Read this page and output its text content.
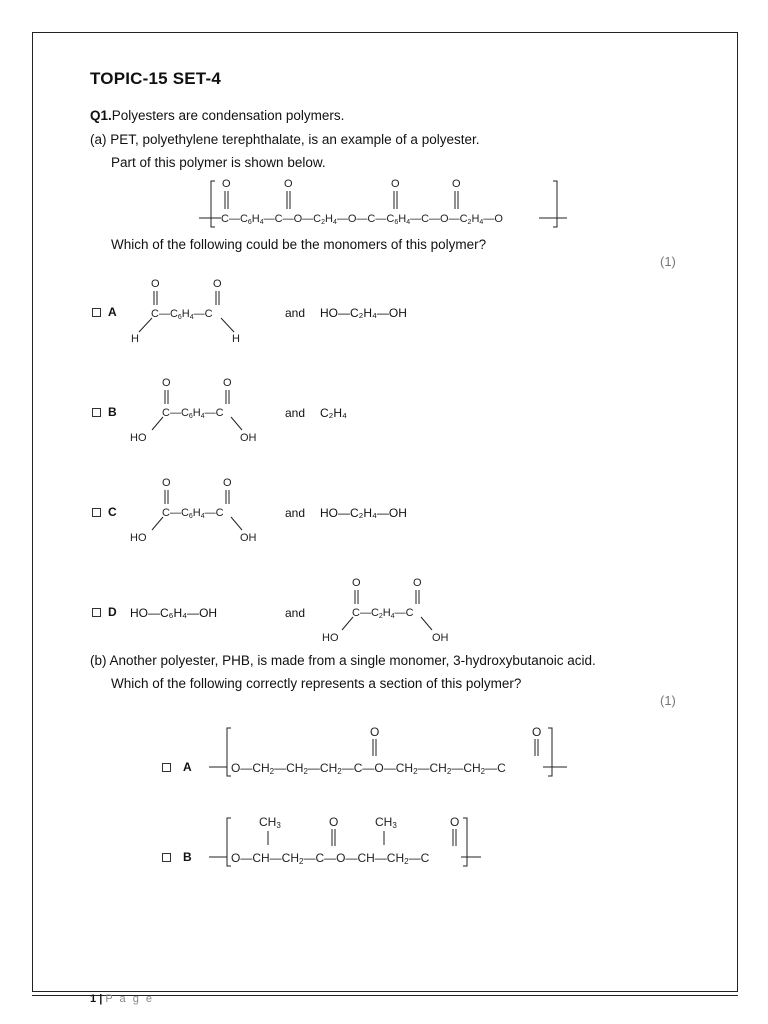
TOPIC-15 SET-4
Q1.Polyesters are condensation polymers.
(a) PET, polyethylene terephthalate, is an example of a polyester.
Part of this polymer is shown below.
O	O	O	O
C—C6H4—C—O—C2H4—O—C—C6H4—C—O—C2H4—O
Which of the following could be the monomers of this polymer?
(1)
A
O	O
C—C6H4—C
H	H
and HO—C₂H₄—OH
B
O	O
C—C6H4—C
HO	OH
and C₂H₄
C
O	O
C—C6H4—C
HO	OH
and HO—C₂H₄—OH
D HO—C₆H₄—OH	and
O	O
C—C2H4—C
HO	OH
(b) Another polyester, PHB, is made from a single monomer, 3-hydroxybutanoic acid.
Which of the following correctly represents a section of this polymer?
(1)
A
O	O
O—CH2—CH2—CH2—C—O—CH2—CH2—CH2—C
B
CH3	CH3
O	O
O—CH—CH2—C—O—CH—CH2—C
1 | P a g e
